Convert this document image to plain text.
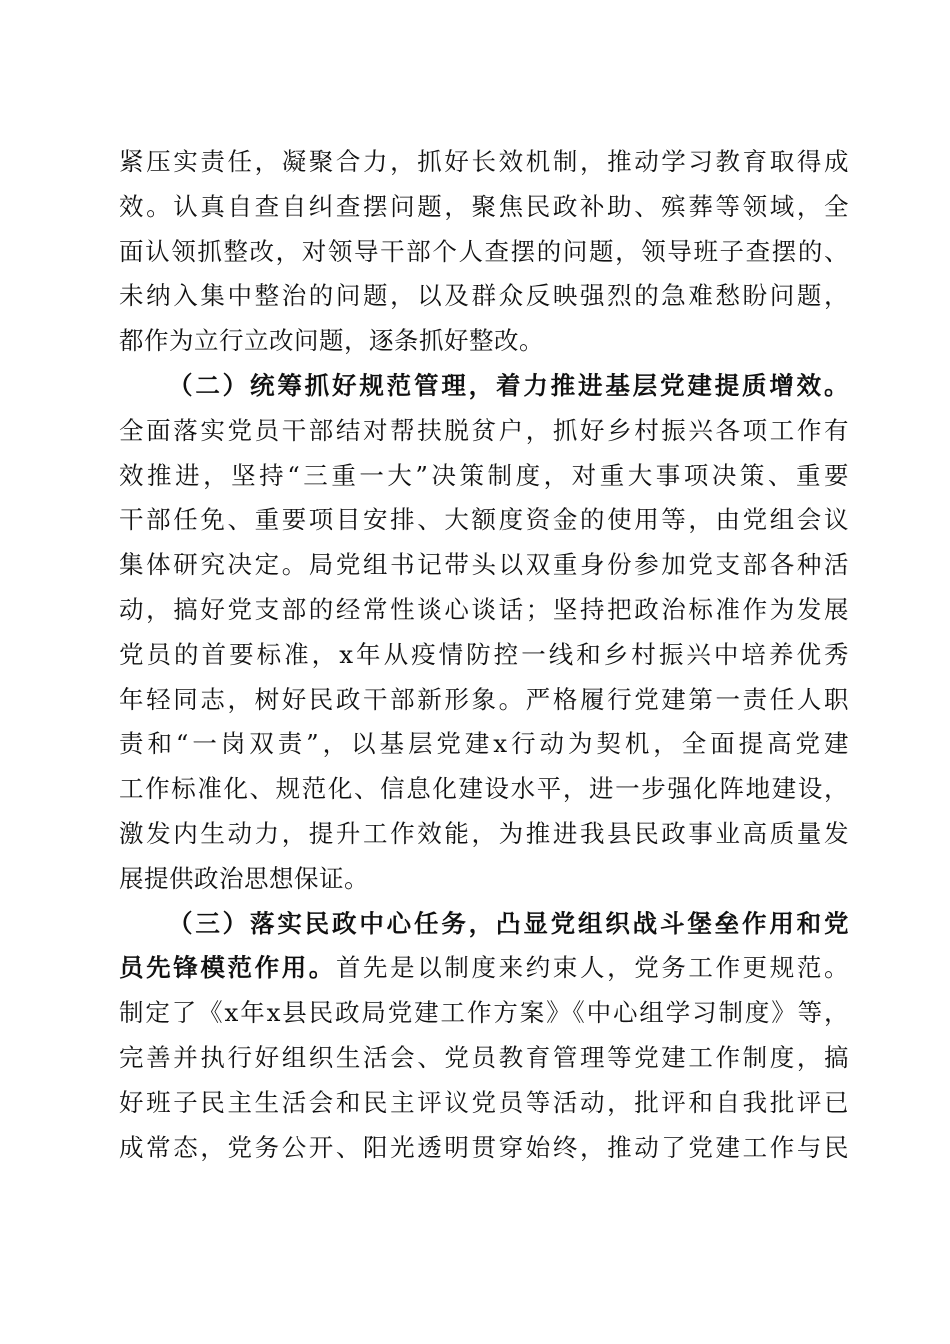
紧压实责任，凝聚合力，抓好长效机制，推动学习教育取得成
效。认真自查自纠查摆问题，聚焦民政补助、殡葬等领域，全
面认领抓整改，对领导干部个人查摆的问题，领导班子查摆的、
未纳入集中整治的问题，以及群众反映强烈的急难愁盼问题，
都作为立行立改问题，逐条抓好整改。
（二）统筹抓好规范管理，着力推进基层党建提质增效。
全面落实党员干部结对帮扶脱贫户，抓好乡村振兴各项工作有
效推进，坚持“三重一大”决策制度，对重大事项决策、重要
干部任免、重要项目安排、大额度资金的使用等，由党组会议
集体研究决定。局党组书记带头以双重身份参加党支部各种活
动，搞好党支部的经常性谈心谈话；坚持把政治标准作为发展
党员的首要标准，x年从疫情防控一线和乡村振兴中培养优秀
年轻同志，树好民政干部新形象。严格履行党建第一责任人职
责和“一岗双责”，以基层党建x行动为契机，全面提高党建
工作标准化、规范化、信息化建设水平，进一步强化阵地建设，
激发内生动力，提升工作效能，为推进我县民政事业高质量发
展提供政治思想保证。
（三）落实民政中心任务，凸显党组织战斗堡垒作用和党
员先锋模范作用。首先是以制度来约束人，党务工作更规范。
制定了《x年x县民政局党建工作方案》《中心组学习制度》等，
完善并执行好组织生活会、党员教育管理等党建工作制度，搞
好班子民主生活会和民主评议党员等活动，批评和自我批评已
成常态，党务公开、阳光透明贯穿始终，推动了党建工作与民
